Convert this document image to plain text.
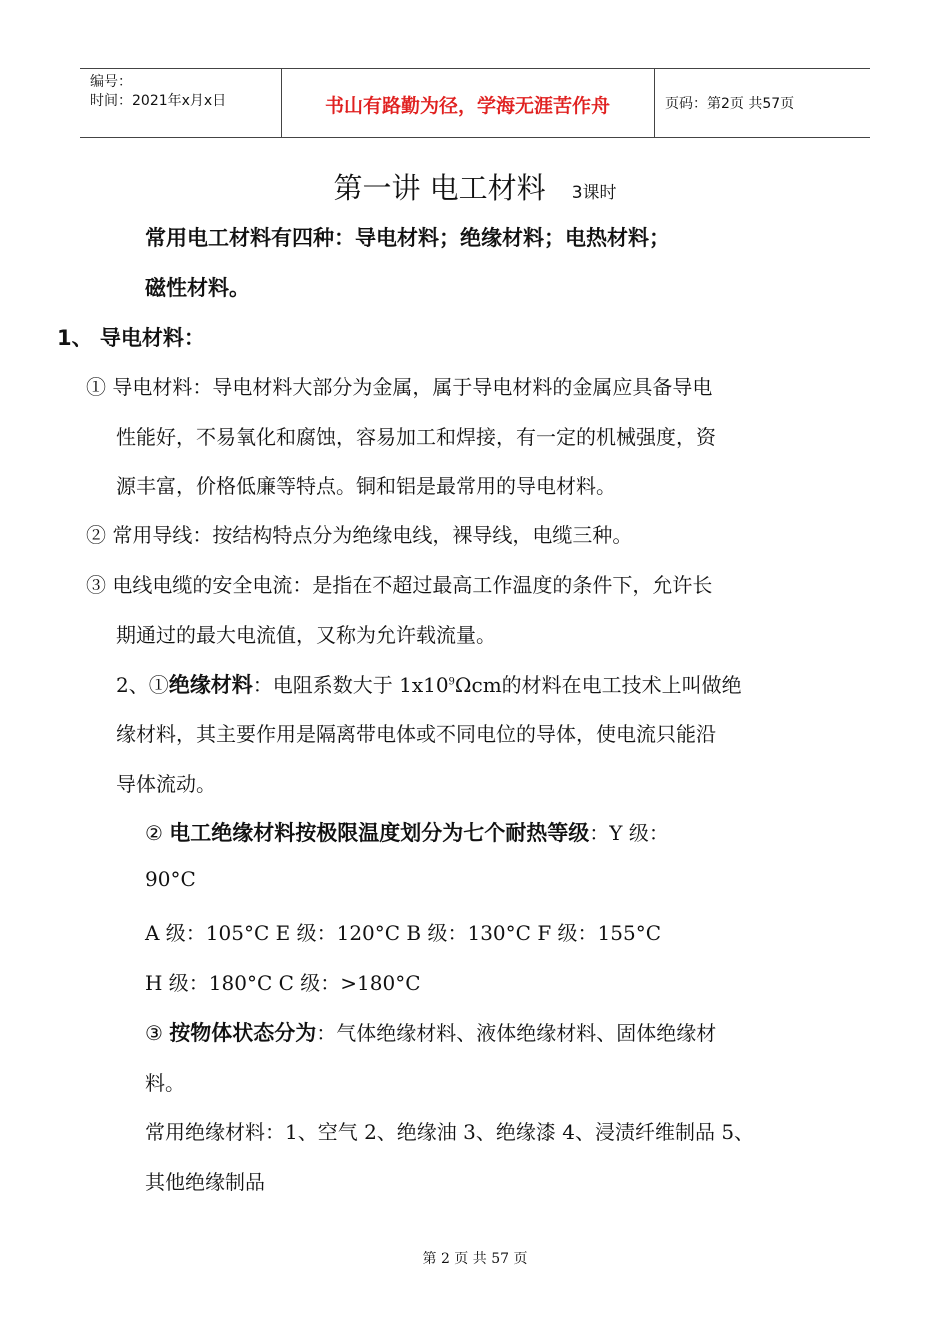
编号：
时间：2021年x月x日	书山有路勤为径，学海无涯苦作舟	页码：第2页 共57页
第一讲 电工材料 3课时
常用电工材料有四种：导电材料；绝缘材料；电热材料；
磁性材料。
1、 导电材料：
① 导电材料：导电材料大部分为金属，属于导电材料的金属应具备导电
性能好，不易氧化和腐蚀，容易加工和焊接，有一定的机械强度，资
源丰富，价格低廉等特点。铜和铝是最常用的导电材料。
② 常用导线：按结构特点分为绝缘电线，裸导线，电缆三种。
③ 电线电缆的安全电流：是指在不超过最高工作温度的条件下，允许长
期通过的最大电流值，又称为允许载流量。
2、①绝缘材料：电阻系数大于 $1x10^9\Omega cm$的材料在电工技术上叫做绝
缘材料，其主要作用是隔离带电体或不同电位的导体，使电流只能沿
导体流动。
② 电工绝缘材料按极限温度划分为七个耐热等级：Y 级：
90°C
A 级：105°C E 级：120°C B 级：130°C F 级：155°C
H 级：180°C C 级：>180°C
③ 按物体状态分为：气体绝缘材料、液体绝缘材料、固体绝缘材
料。
常用绝缘材料：1、空气 2、绝缘油 3、绝缘漆 4、浸渍纤维制品 5、
其他绝缘制品
第 2 页 共 57 页
